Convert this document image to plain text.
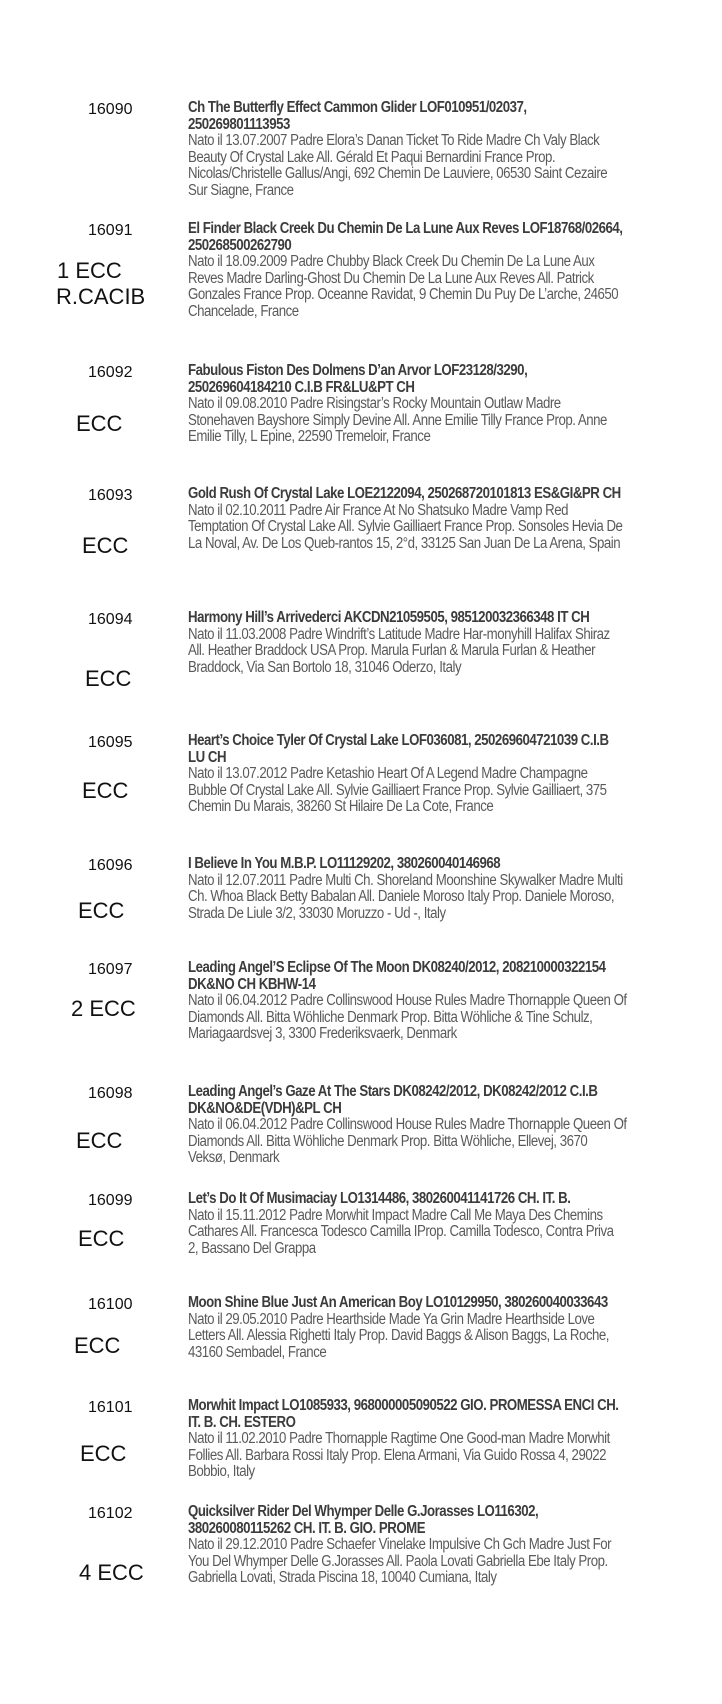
16090	Ch The Butterfly Effect Cammon Glider LOF010951/02037, 250269801113953
Nato il 13.07.2007 Padre Elora’s Danan Ticket To Ride Madre Ch Valy Black Beauty Of Crystal Lake All. Gérald Et Paqui Bernardini France Prop. Nicolas/Christelle Gallus/Angi, 692 Chemin De Lauviere, 06530 Saint Cezaire Sur Siagne, France
16091
1 ECC
R.CACIB
El Finder Black Creek Du Chemin De La Lune Aux Reves LOF18768/02664, 250268500262790
Nato il 18.09.2009 Padre Chubby Black Creek Du Chemin De La Lune Aux Reves Madre Darling-Ghost Du Chemin De La Lune Aux Reves All. Patrick Gonzales France Prop. Oceanne Ravidat, 9 Chemin Du Puy De L’arche, 24650 Chancelade, France
16092
ECC
Fabulous Fiston Des Dolmens D’an Arvor LOF23128/3290, 250269604184210 C.I.B FR&LU&PT CH
Nato il 09.08.2010 Padre Risingstar’s Rocky Mountain Outlaw Madre Stonehaven Bayshore Simply Devine All. Anne Emilie Tilly France Prop. Anne Emilie Tilly, L Epine, 22590 Tremeloir, France
16093
ECC
Gold Rush Of Crystal Lake LOE2122094, 250268720101813 ES&GI&PR CH
Nato il 02.10.2011 Padre Air France At No Shatsuko Madre Vamp Red Temptation Of Crystal Lake All. Sylvie Gailliaert France Prop. Sonsoles Hevia De La Noval, Av. De Los Queb-rantos 15, 2°d, 33125 San Juan De La Arena, Spain
16094
ECC
Harmony Hill’s Arrivederci AKCDN21059505, 985120032366348 IT CH
Nato il 11.03.2008 Padre Windrift’s Latitude Madre Har-monyhill Halifax Shiraz All. Heather Braddock USA Prop. Marula Furlan & Marula Furlan & Heather Braddock, Via San Bortolo 18, 31046 Oderzo, Italy
16095
ECC
Heart’s Choice Tyler Of Crystal Lake LOF036081, 250269604721039 C.I.B LU CH
Nato il 13.07.2012 Padre Ketashio Heart Of A Legend Madre Champagne Bubble Of Crystal Lake All. Sylvie Gailliaert France Prop. Sylvie Gailliaert, 375 Chemin Du Marais, 38260 St Hilaire De La Cote, France
16096
ECC
I Believe In You M.B.P. LO11129202, 380260040146968
Nato il 12.07.2011 Padre Multi Ch. Shoreland Moonshine Skywalker Madre Multi Ch. Whoa Black Betty Babalan All. Daniele Moroso Italy Prop. Daniele Moroso, Strada De Liule 3/2, 33030 Moruzzo - Ud -, Italy
16097
2 ECC
Leading Angel’S Eclipse Of The Moon DK08240/2012, 208210000322154 DK&NO CH KBHW-14
Nato il 06.04.2012 Padre Collinswood House Rules Madre Thornapple Queen Of Diamonds All. Bitta Wöhliche Denmark Prop. Bitta Wöhliche & Tine Schulz, Mariagaardsvej 3, 3300 Frederiksvaerk, Denmark
16098
ECC
Leading Angel’s Gaze At The Stars DK08242/2012, DK08242/2012 C.I.B DK&NO&DE(VDH)&PL CH
Nato il 06.04.2012 Padre Collinswood House Rules Madre Thornapple Queen Of Diamonds All. Bitta Wöhliche Denmark Prop. Bitta Wöhliche, Ellevej, 3670 Veksø, Denmark
16099
ECC
Let’s Do It Of Musimaciay LO1314486, 380260041141726 CH. IT. B.
Nato il 15.11.2012 Padre Morwhit Impact Madre Call Me Maya Des Chemins Cathares All. Francesca Todesco Camilla IProp. Camilla Todesco, Contra Priva 2, Bassano Del Grappa
16100
ECC
Moon Shine Blue Just An American Boy LO10129950, 380260040033643
Nato il 29.05.2010 Padre Hearthside Made Ya Grin Madre Hearthside Love Letters All. Alessia Righetti Italy Prop. David Baggs & Alison Baggs, La Roche, 43160 Sembadel, France
16101
ECC
Morwhit Impact LO1085933, 968000005090522 GIO. PROMESSA ENCI CH. IT. B. CH. ESTERO
Nato il 11.02.2010 Padre Thornapple Ragtime One Good-man Madre Morwhit Follies All. Barbara Rossi Italy Prop. Elena Armani, Via Guido Rossa 4, 29022 Bobbio, Italy
16102
4 ECC
Quicksilver Rider Del Whymper Delle G.Jorasses LO116302, 380260080115262 CH. IT. B. GIO. PROME
Nato il 29.12.2010 Padre Schaefer Vinelake Impulsive Ch Gch Madre Just For You Del Whymper Delle G.Jorasses All. Paola Lovati Gabriella Ebe Italy Prop. Gabriella Lovati, Strada Piscina 18, 10040 Cumiana, Italy
